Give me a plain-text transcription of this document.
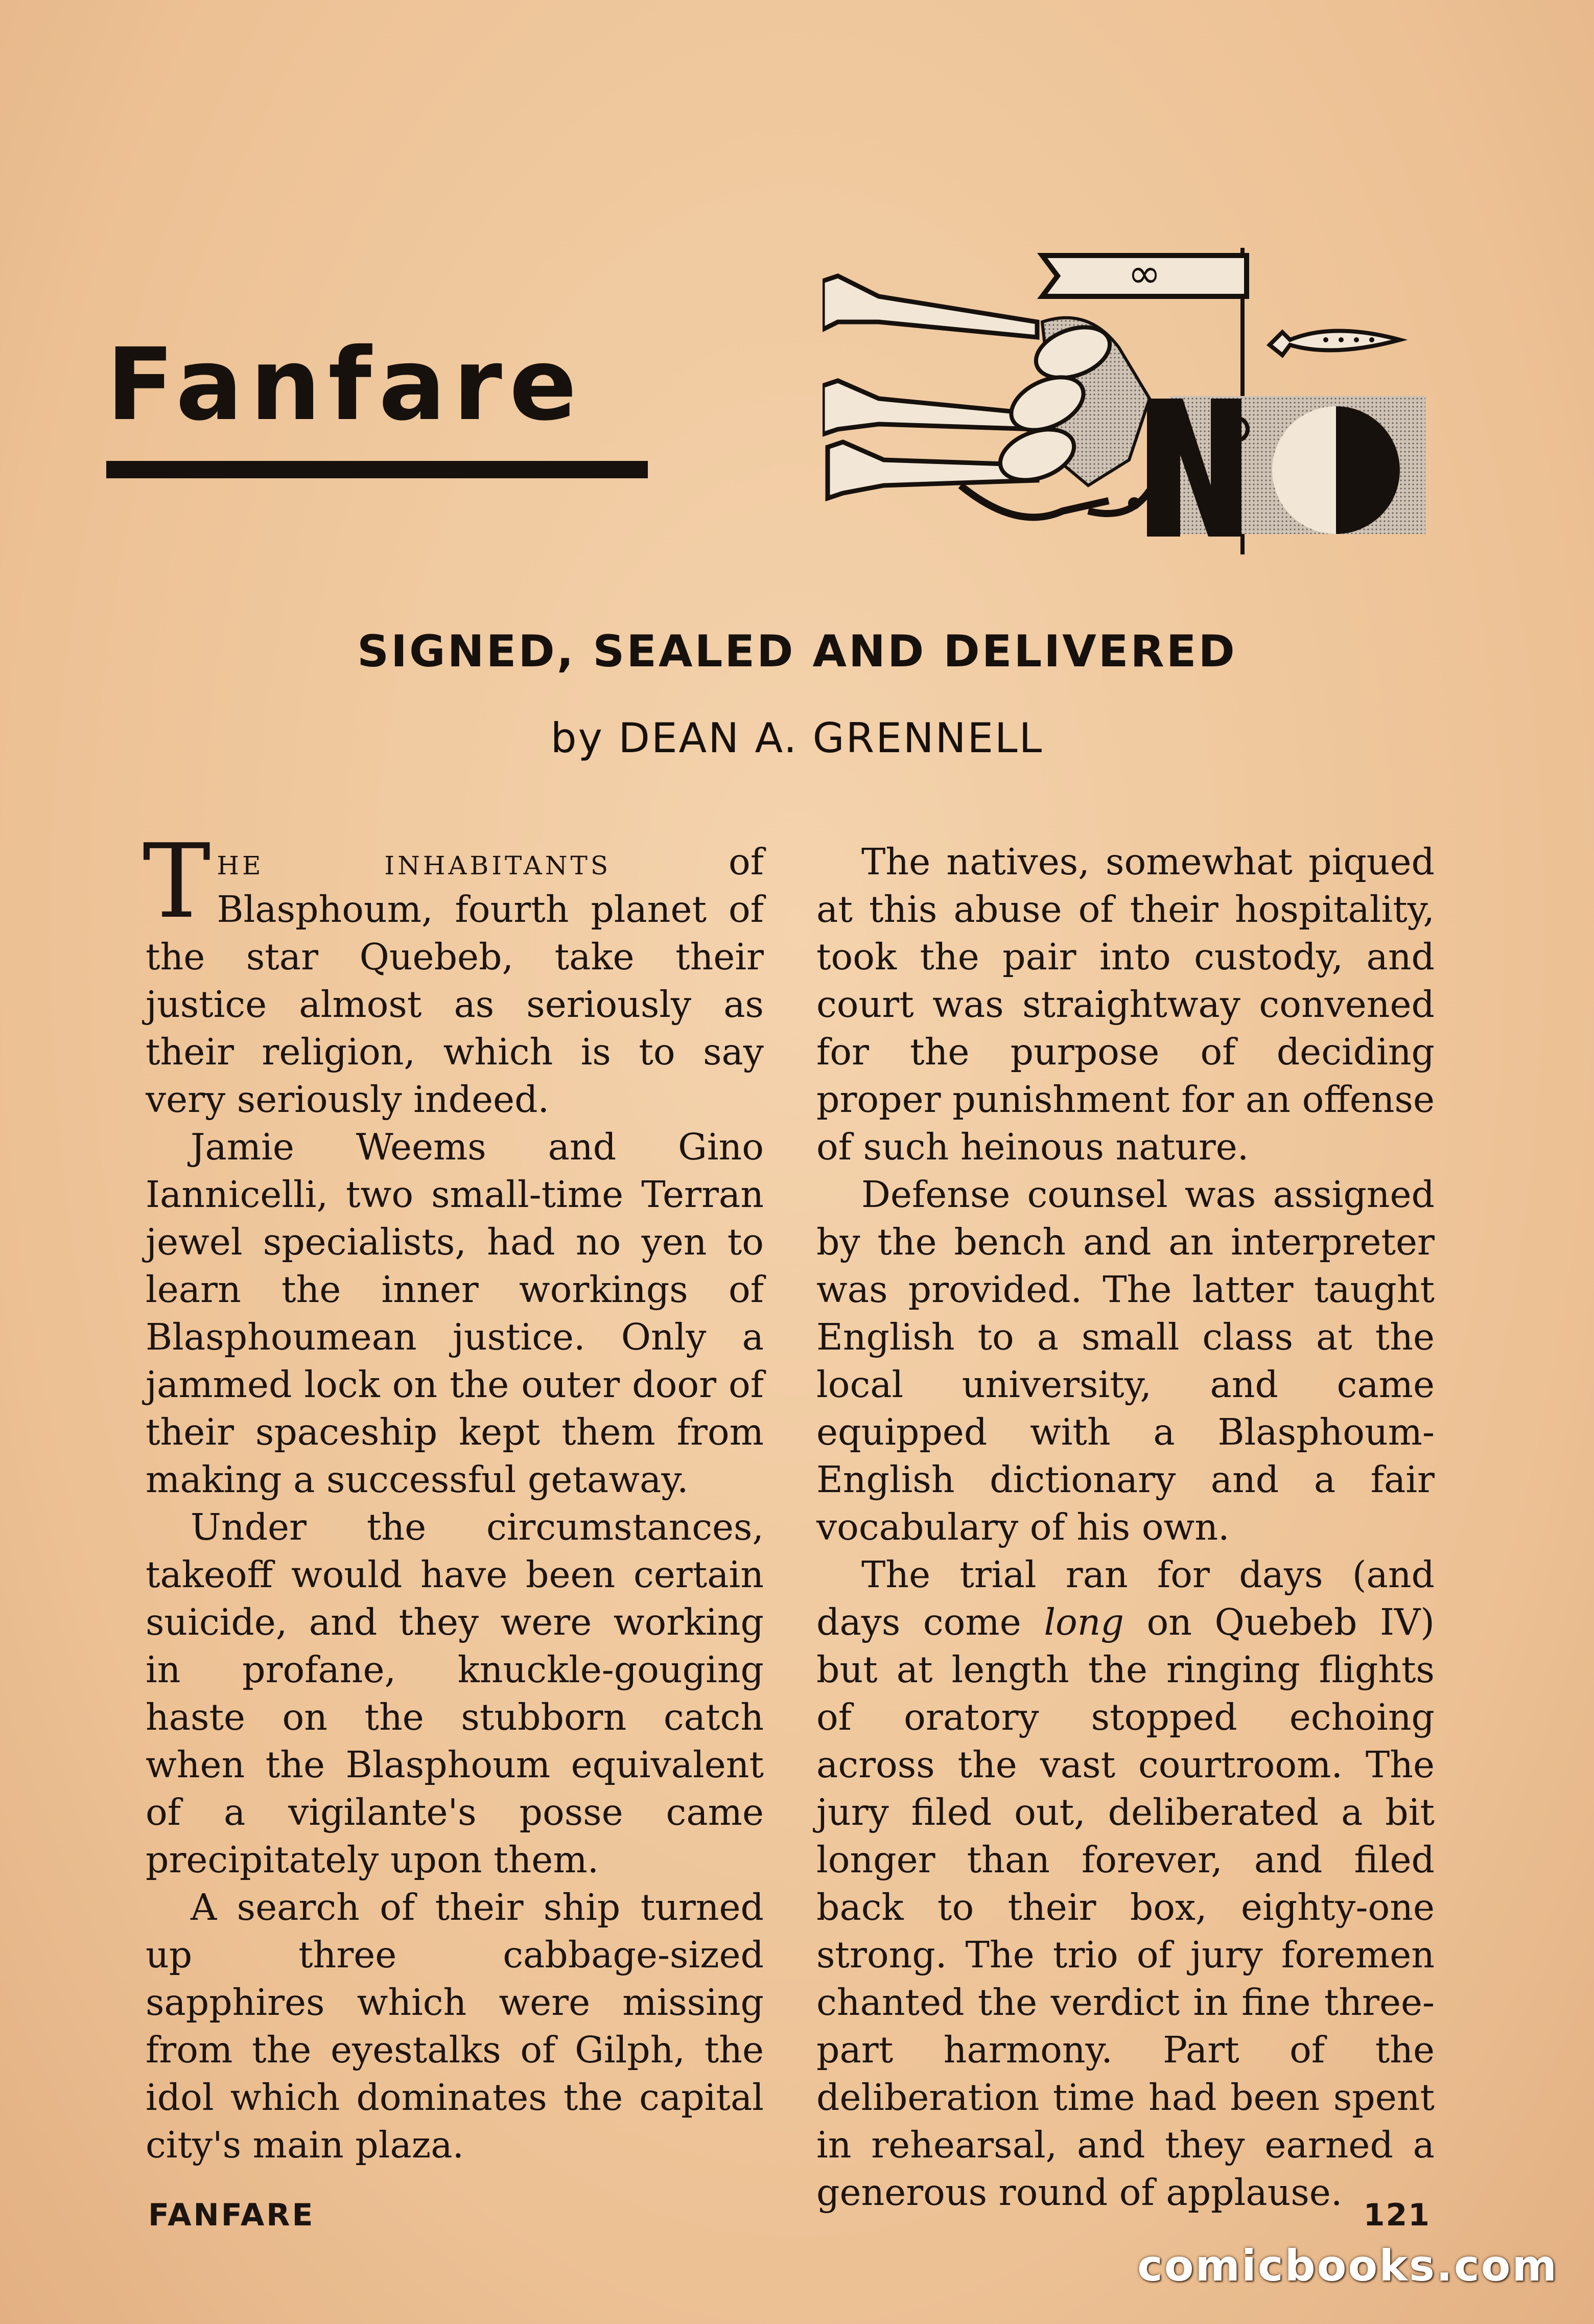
Fanfare
∞
SIGNED, SEALED AND DELIVERED
by DEAN A. GRENNELL

The inhabitants of Blasphoum, fourth planet of the star Quebeb, take their justice almost as seriously as their religion, which is to say very seriously indeed.

Jamie Weems and Gino Iannicelli, two small-time Terran jewel specialists, had no yen to learn the inner workings of Blasphoumean justice. Only a jammed lock on the outer door of their spaceship kept them from making a successful getaway.

Under the circumstances, takeoff would have been certain suicide, and they were working in profane, knuckle-gouging haste on the stubborn catch when the Blasphoum equivalent of a vigilante's posse came precipitately upon them.

A search of their ship turned up three cabbage-sized sapphires which were missing from the eyestalks of Gilph, the idol which dominates the capital city's main plaza.

The natives, somewhat piqued at this abuse of their hospitality, took the pair into custody, and court was straightway convened for the purpose of deciding proper punishment for an offense of such heinous nature.

Defense counsel was assigned by the bench and an interpreter was provided. The latter taught English to a small class at the local university, and came equipped with a Blasphoum-English dictionary and a fair vocabulary of his own.

The trial ran for days (and days come long on Quebeb IV) but at length the ringing flights of oratory stopped echoing across the vast courtroom. The jury filed out, deliberated a bit longer than forever, and filed back to their box, eighty-one strong. The trio of jury foremen chanted the verdict in fine three-part harmony. Part of the deliberation time had been spent in rehearsal, and they earned a generous round of applause.

FANFARE	121
comicbooks.com
